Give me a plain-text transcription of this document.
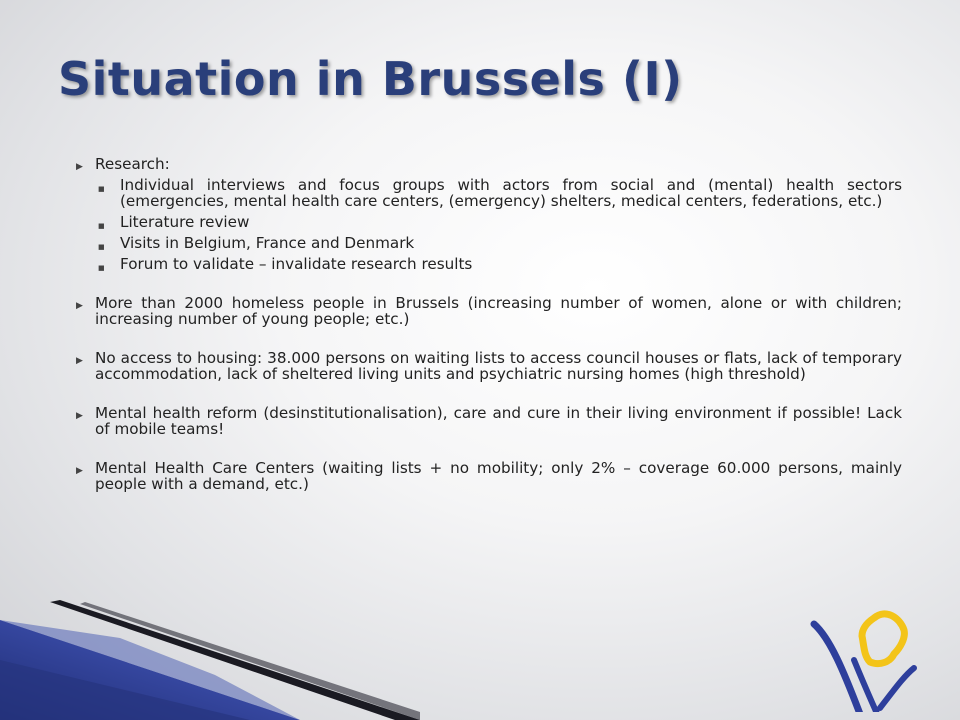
Situation in Brussels (I)
▶ Research:
■ Individual interviews and focus groups with actors from social and (mental) health sectors (emergencies, mental health care centers, (emergency) shelters, medical centers, federations, etc.)
■ Literature review
■ Visits in Belgium, France and Denmark
■ Forum to validate – invalidate research results
▶ More than 2000 homeless people in Brussels (increasing number of women, alone or with children; increasing number of young people; etc.)
▶ No access to housing: 38.000 persons on waiting lists to access council houses or flats, lack of temporary accommodation, lack of sheltered living units and psychiatric nursing homes (high threshold)
▶ Mental health reform (desinstitutionalisation), care and cure in their living environment if possible! Lack of mobile teams!
▶ Mental Health Care Centers (waiting lists + no mobility; only 2% – coverage 60.000 persons, mainly people with a demand, etc.)
